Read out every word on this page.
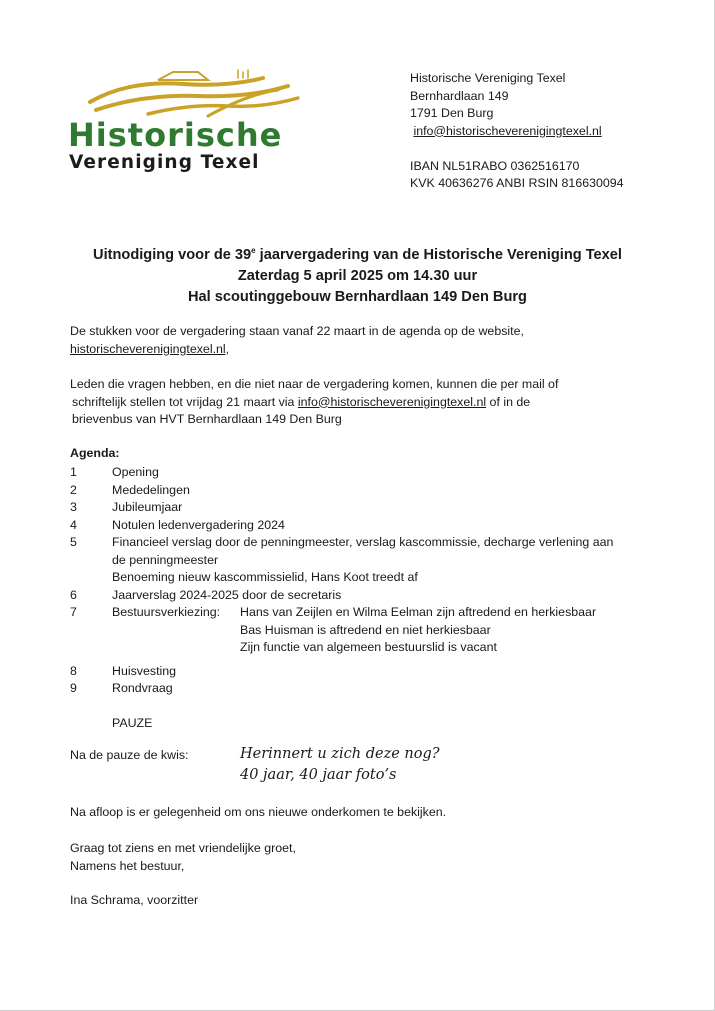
Historische
Vereniging Texel
Historische Vereniging Texel
Bernhardlaan 149
1791 Den Burg
info@historischeverenigingtexel.nl
IBAN NL51RABO 0362516170
KVK 40636276 ANBI RSIN 816630094
Uitnodiging voor de 39e jaarvergadering van de Historische Vereniging Texel
Zaterdag 5 april 2025 om 14.30 uur
Hal scoutinggebouw Bernhardlaan 149 Den Burg
De stukken voor de vergadering staan vanaf 22 maart in de agenda op de website,
historischeverenigingtexel.nl,
Leden die vragen hebben, en die niet naar de vergadering komen, kunnen die per mail of
schriftelijk stellen tot vrijdag 21 maart via info@historischeverenigingtexel.nl of in de
brievenbus van HVT Bernhardlaan 149 Den Burg
Agenda:
1	Opening
2	Mededelingen
3	Jubileumjaar
4	Notulen ledenvergadering 2024
5	Financieel verslag door de penningmeester, verslag kascommissie, decharge verlening aan
de penningmeester
Benoeming nieuw kascommissielid, Hans Koot treedt af
6	Jaarverslag 2024-2025 door de secretaris
7	Bestuursverkiezing: Hans van Zeijlen en Wilma Eelman zijn aftredend en herkiesbaar
Bas Huisman is aftredend en niet herkiesbaar
Zijn functie van algemeen bestuurslid is vacant
8	Huisvesting
9	Rondvraag
PAUZE
Na de pauze de kwis:	Herinnert u zich deze nog?
40 jaar, 40 jaar foto’s
Na afloop is er gelegenheid om ons nieuwe onderkomen te bekijken.
Graag tot ziens en met vriendelijke groet,
Namens het bestuur,
Ina Schrama, voorzitter
